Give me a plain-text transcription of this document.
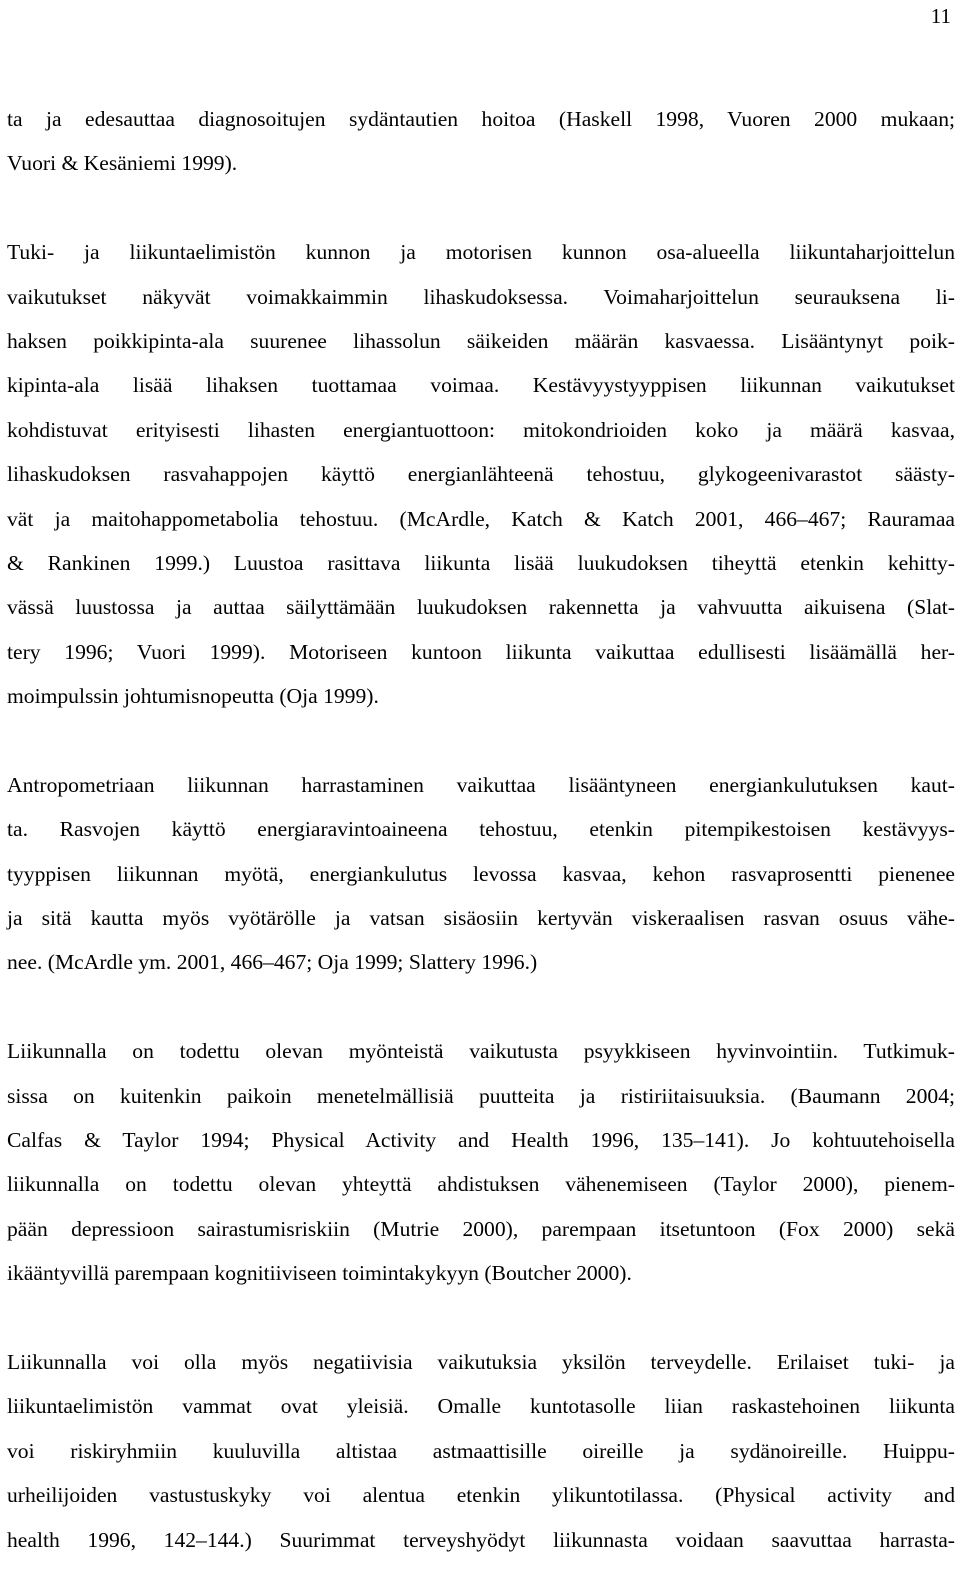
11
ta ja edesauttaa diagnosoitujen sydäntautien hoitoa (Haskell 1998, Vuoren 2000 mukaan;
Vuori & Kesäniemi 1999).
Tuki- ja liikuntaelimistön kunnon ja motorisen kunnon osa-alueella liikuntaharjoittelun
vaikutukset näkyvät voimakkaimmin lihaskudoksessa. Voimaharjoittelun seurauksena li-
haksen poikkipinta-ala suurenee lihassolun säikeiden määrän kasvaessa. Lisääntynyt poik-
kipinta-ala lisää lihaksen tuottamaa voimaa. Kestävyystyyppisen liikunnan vaikutukset
kohdistuvat erityisesti lihasten energiantuottoon: mitokondrioiden koko ja määrä kasvaa,
lihaskudoksen rasvahappojen käyttö energianlähteenä tehostuu, glykogeenivarastot säästy-
vät ja maitohappometabolia tehostuu. (McArdle, Katch & Katch 2001, 466–467; Rauramaa
& Rankinen 1999.) Luustoa rasittava liikunta lisää luukudoksen tiheyttä etenkin kehitty-
vässä luustossa ja auttaa säilyttämään luukudoksen rakennetta ja vahvuutta aikuisena (Slat-
tery 1996; Vuori 1999). Motoriseen kuntoon liikunta vaikuttaa edullisesti lisäämällä her-
moimpulssin johtumisnopeutta (Oja 1999).
Antropometriaan liikunnan harrastaminen vaikuttaa lisääntyneen energiankulutuksen kaut-
ta. Rasvojen käyttö energiaravintoaineena tehostuu, etenkin pitempikestoisen kestävyys-
tyyppisen liikunnan myötä, energiankulutus levossa kasvaa, kehon rasvaprosentti pienenee
ja sitä kautta myös vyötärölle ja vatsan sisäosiin kertyvän viskeraalisen rasvan osuus vähe-
nee. (McArdle ym. 2001, 466–467; Oja 1999; Slattery 1996.)
Liikunnalla on todettu olevan myönteistä vaikutusta psyykkiseen hyvinvointiin. Tutkimuk-
sissa on kuitenkin paikoin menetelmällisiä puutteita ja ristiriitaisuuksia. (Baumann 2004;
Calfas & Taylor 1994; Physical Activity and Health 1996, 135–141). Jo kohtuutehoisella
liikunnalla on todettu olevan yhteyttä ahdistuksen vähenemiseen (Taylor 2000), pienem-
pään depressioon sairastumisriskiin (Mutrie 2000), parempaan itsetuntoon (Fox 2000) sekä
ikääntyvillä parempaan kognitiiviseen toimintakykyyn (Boutcher 2000).
Liikunnalla voi olla myös negatiivisia vaikutuksia yksilön terveydelle. Erilaiset tuki- ja
liikuntaelimistön vammat ovat yleisiä. Omalle kuntotasolle liian raskastehoinen liikunta
voi riskiryhmiin kuuluvilla altistaa astmaattisille oireille ja sydänoireille. Huippu-
urheilijoiden vastustuskyky voi alentua etenkin ylikuntotilassa. (Physical activity and
health 1996, 142–144.) Suurimmat terveyshyödyt liikunnasta voidaan saavuttaa harrasta-
